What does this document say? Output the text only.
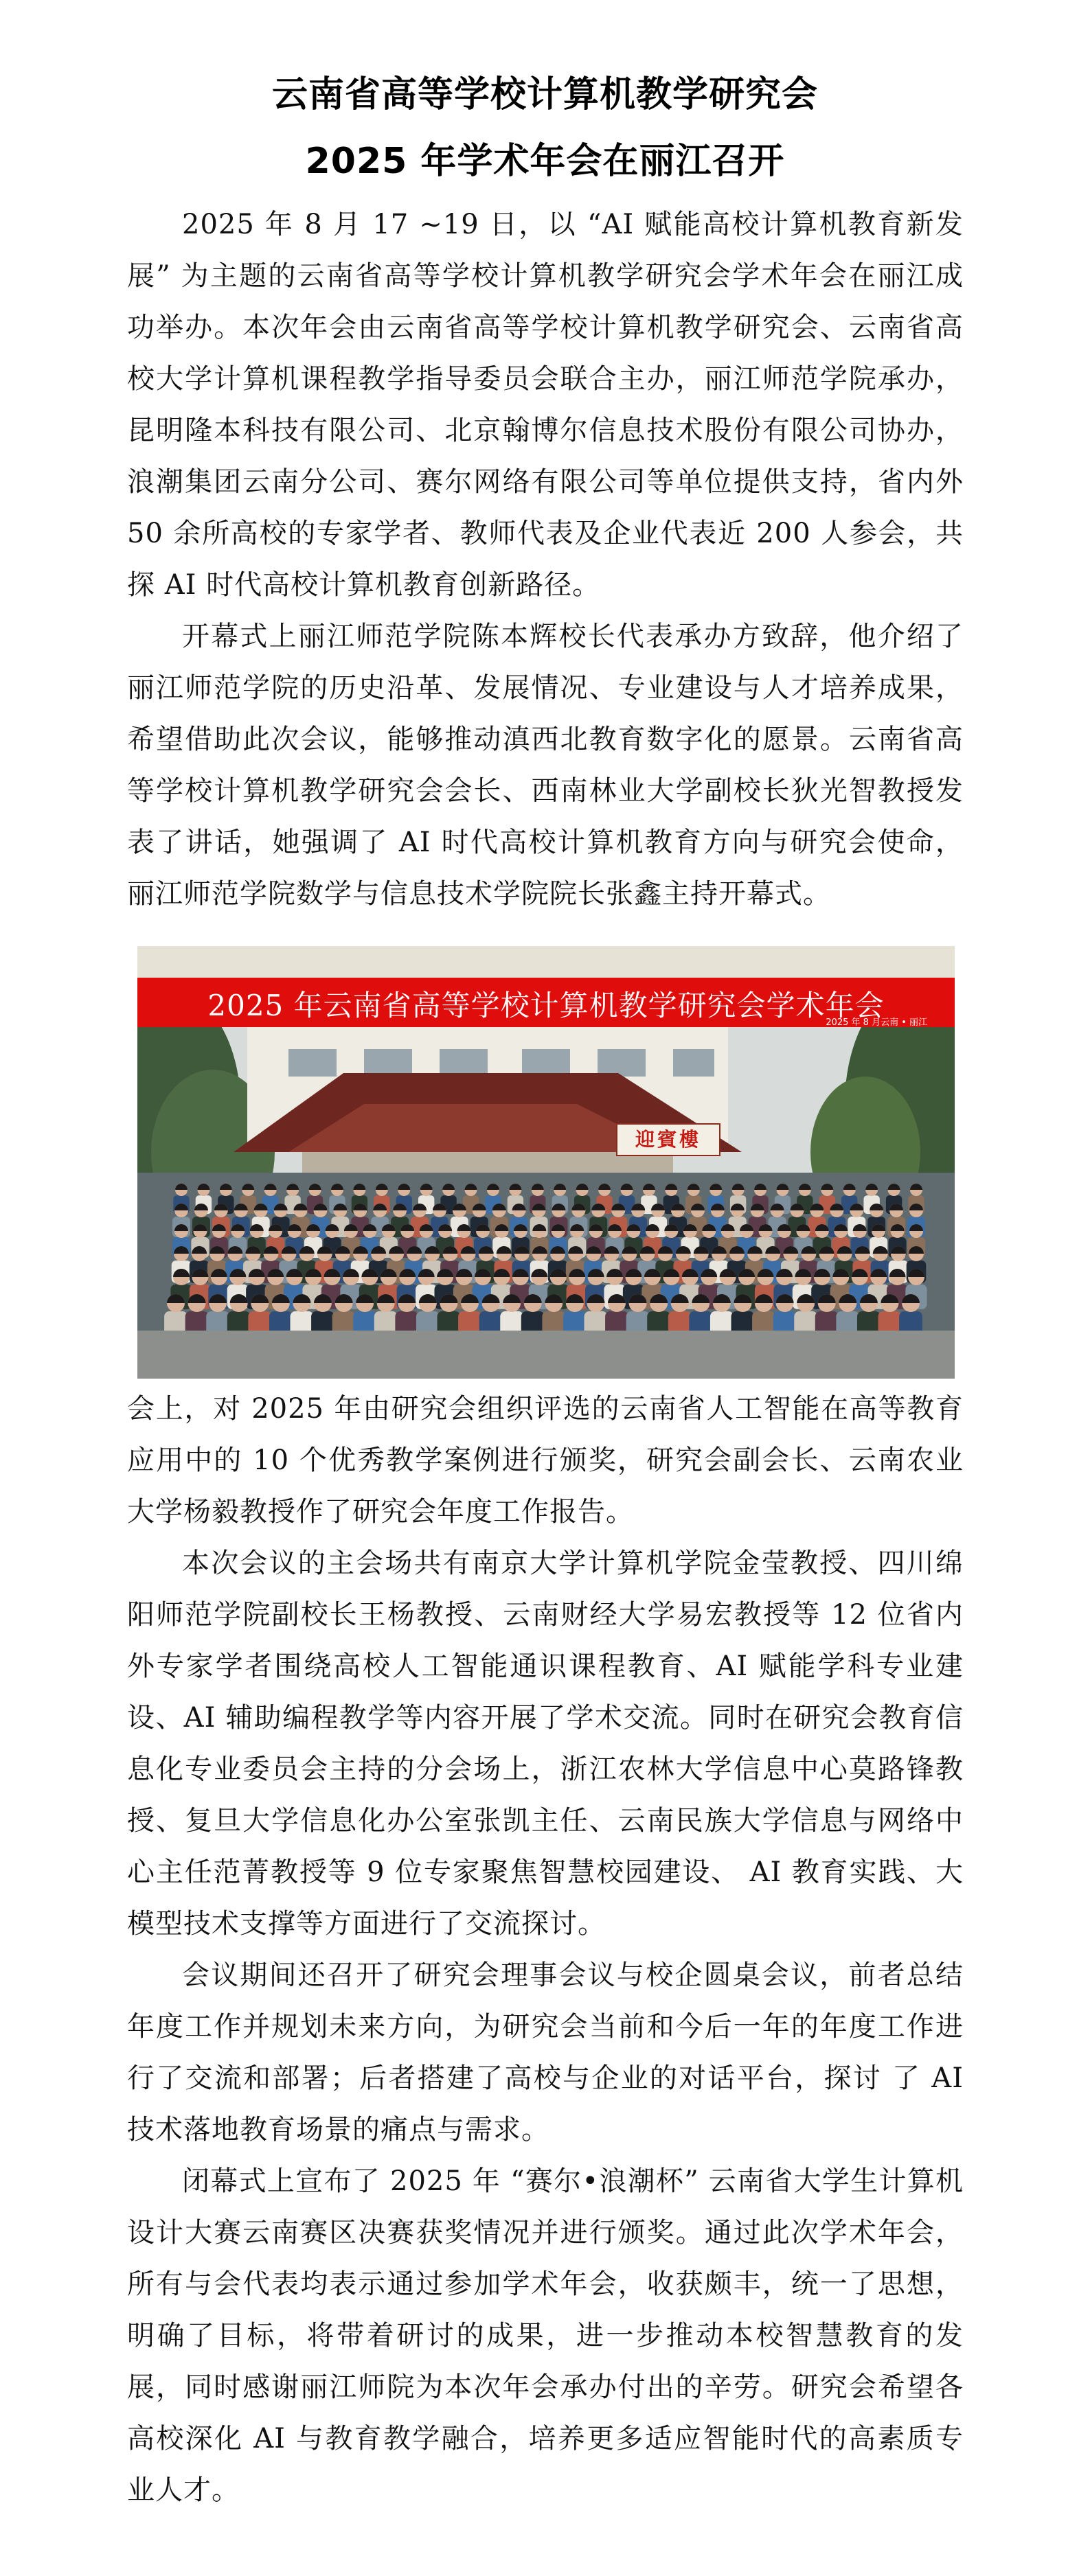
云南省高等学校计算机教学研究会
2025 年学术年会在丽江召开

2025 年 8 月 17 ~19 日，以 “AI 赋能高校计算机教育新发展” 为主题的云南省高等学校计算机教学研究会学术年会在丽江成功举办。本次年会由云南省高等学校计算机教学研究会、云南省高校大学计算机课程教学指导委员会联合主办，丽江师范学院承办，昆明隆本科技有限公司、北京翰博尔信息技术股份有限公司协办，浪潮集团云南分公司、赛尔网络有限公司等单位提供支持，省内外 50 余所高校的专家学者、教师代表及企业代表近 200 人参会，共探 AI 时代高校计算机教育创新路径。

开幕式上丽江师范学院陈本辉校长代表承办方致辞，他介绍了丽江师范学院的历史沿革、发展情况、专业建设与人才培养成果，希望借助此次会议，能够推动滇西北教育数字化的愿景。云南省高等学校计算机教学研究会会长、西南林业大学副校长狄光智教授发表了讲话，她强调了 AI 时代高校计算机教育方向与研究会使命，丽江师范学院数学与信息技术学院院长张鑫主持开幕式。

2025 年云南省高等学校计算机教学研究会学术年会
2025 年 8 月云南 • 丽江
迎賓樓

会上，对 2025 年由研究会组织评选的云南省人工智能在高等教育应用中的 10 个优秀教学案例进行颁奖，研究会副会长、云南农业大学杨毅教授作了研究会年度工作报告。

本次会议的主会场共有南京大学计算机学院金莹教授、四川绵阳师范学院副校长王杨教授、云南财经大学易宏教授等 12 位省内外专家学者围绕高校人工智能通识课程教育、AI 赋能学科专业建设、AI 辅助编程教学等内容开展了学术交流。同时在研究会教育信息化专业委员会主持的分会场上，浙江农林大学信息中心莫路锋教授、复旦大学信息化办公室张凯主任、云南民族大学信息与网络中心主任范菁教授等 9 位专家聚焦智慧校园建设、 AI 教育实践、大模型技术支撑等方面进行了交流探讨。

会议期间还召开了研究会理事会议与校企圆桌会议，前者总结年度工作并规划未来方向，为研究会当前和今后一年的年度工作进行了交流和部署；后者搭建了高校与企业的对话平台，探讨 了 AI 技术落地教育场景的痛点与需求。

闭幕式上宣布了 2025 年 “赛尔•浪潮杯” 云南省大学生计算机设计大赛云南赛区决赛获奖情况并进行颁奖。通过此次学术年会，所有与会代表均表示通过参加学术年会，收获颇丰，统一了思想，明确了目标，将带着研讨的成果，进一步推动本校智慧教育的发展，同时感谢丽江师院为本次年会承办付出的辛劳。研究会希望各高校深化 AI 与教育教学融合，培养更多适应智能时代的高素质专业人才。
